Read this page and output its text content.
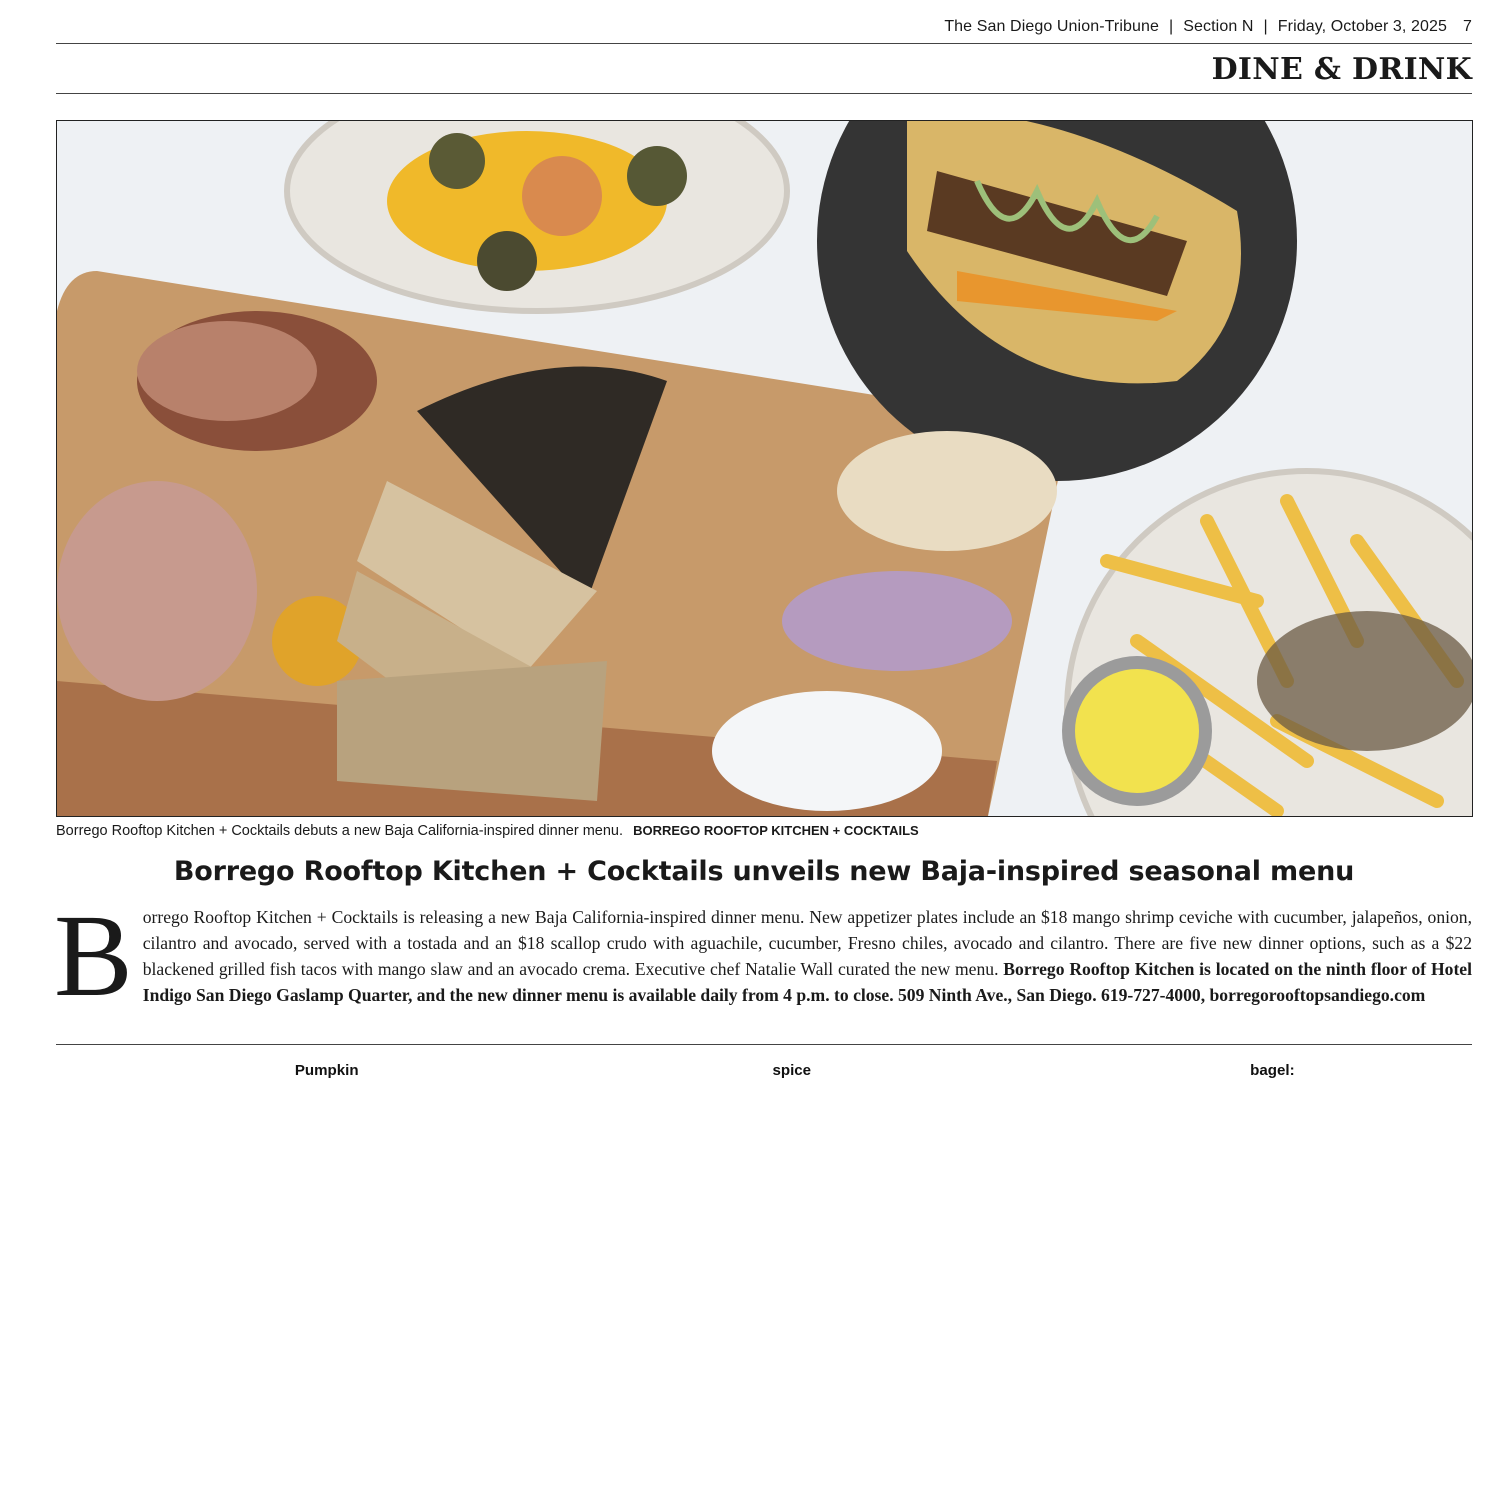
The San Diego Union-Tribune | Section N | Friday, October 3, 2025 7
DINE & DRINK
Borrego Rooftop Kitchen + Cocktails debuts a new Baja California-inspired dinner menu. BORREGO ROOFTOP KITCHEN + COCKTAILS
Borrego Rooftop Kitchen + Cocktails unveils new Baja-inspired seasonal menu
Borrego Rooftop Kitchen + Cocktails is releasing a new Baja California-inspired dinner menu. New appetizer plates include an $18 mango shrimp ceviche with cucumber, jalapeños, onion, cilantro and avocado, served with a tostada and an $18 scallop crudo with aguachile, cucumber, Fresno chiles, avocado and cilantro. There are five new dinner options, such as a $22 blackened grilled fish tacos with mango slaw and an avocado crema. Executive chef Natalie Wall curated the new menu. Borrego Rooftop Kitchen is located on the ninth floor of Hotel Indigo San Diego Gaslamp Quarter, and the new dinner menu is available daily from 4 p.m. to close. 509 Ninth Ave., San Diego. 619-727-4000, borregorooftopsandiego.com
Pumpkin	spice	bagel:
